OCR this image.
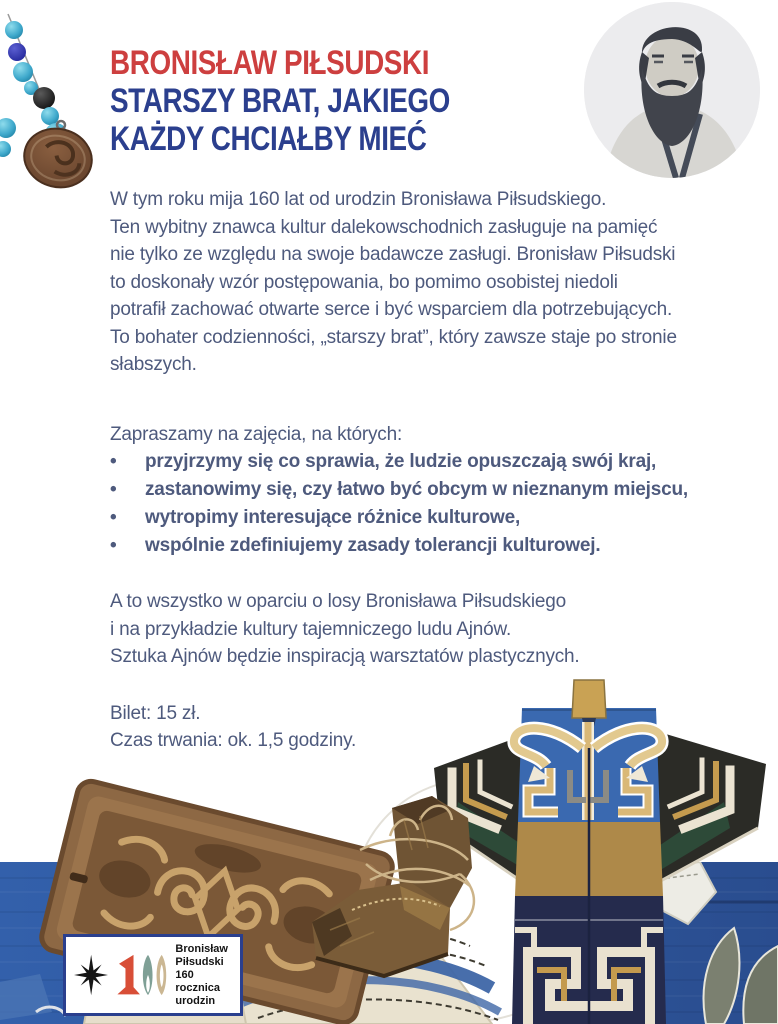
BRONISŁAW PIŁSUDSKI
STARSZY BRAT, JAKIEGO
KAŻDY CHCIAŁBY MIEĆ
W tym roku mija 160 lat od urodzin Bronisława Piłsudskiego.
Ten wybitny znawca kultur dalekowschodnich zasługuje na pamięć
nie tylko ze względu na swoje badawcze zasługi. Bronisław Piłsudski
to doskonały wzór postępowania, bo pomimo osobistej niedoli
potrafił zachować otwarte serce i być wsparciem dla potrzebujących.
To bohater codzienności, „starszy brat”, który zawsze staje po stronie
słabszych.
Zapraszamy na zajęcia, na których:
•	przyjrzymy się co sprawia, że ludzie opuszczają swój kraj,
•	zastanowimy się, czy łatwo być obcym w nieznanym miejscu,
•	wytropimy interesujące różnice kulturowe,
•	wspólnie zdefiniujemy zasady tolerancji kulturowej.
A to wszystko w oparciu o losy Bronisława Piłsudskiego
i na przykładzie kultury tajemniczego ludu Ajnów.
Sztuka Ajnów będzie inspiracją warsztatów plastycznych.
Bilet: 15 zł.
Czas trwania: ok. 1,5 godziny.
Bronisław
Piłsudski
160 rocznica
urodzin
